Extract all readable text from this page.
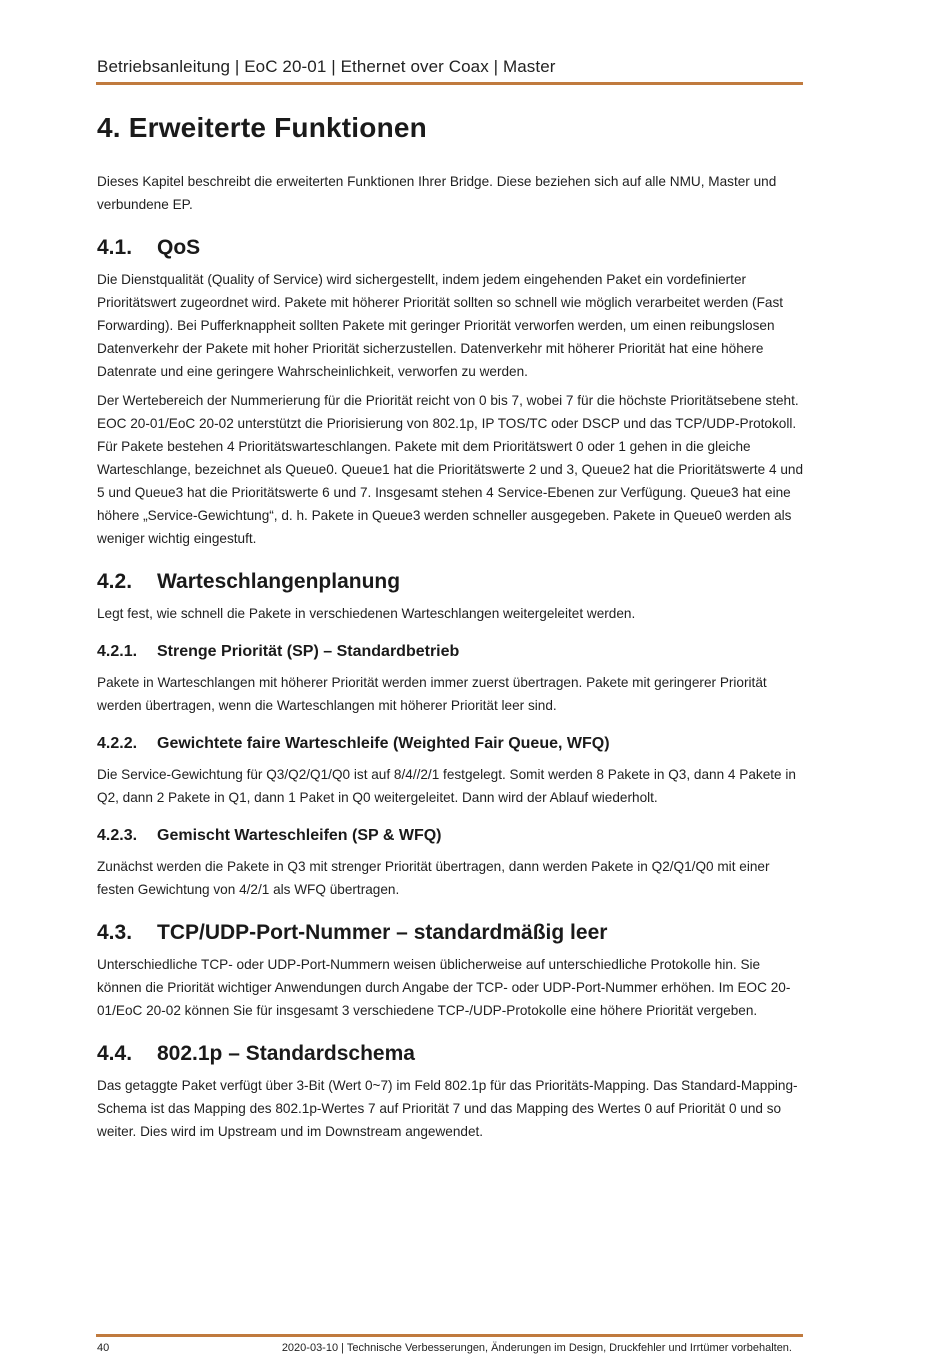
Betriebsanleitung | EoC 20-01 | Ethernet over Coax | Master
4. Erweiterte Funktionen

Dieses Kapitel beschreibt die erweiterten Funktionen Ihrer Bridge. Diese beziehen sich auf alle NMU, Master und verbundene EP.

4.1.	QoS

Die Dienstqualität (Quality of Service) wird sichergestellt, indem jedem eingehenden Paket ein vordefinierter Prioritätswert zugeordnet wird. Pakete mit höherer Priorität sollten so schnell wie möglich verarbeitet werden (Fast Forwarding). Bei Pufferknappheit sollten Pakete mit geringer Priorität verworfen werden, um einen reibungslosen Datenverkehr der Pakete mit hoher Priorität sicherzustellen. Datenverkehr mit höherer Priorität hat eine höhere Datenrate und eine geringere Wahrscheinlichkeit, verworfen zu werden.

Der Wertebereich der Nummerierung für die Priorität reicht von 0 bis 7, wobei 7 für die höchste Prioritätsebene steht. EOC 20-01/EoC 20-02 unterstützt die Priorisierung von 802.1p, IP TOS/TC oder DSCP und das TCP/UDP-Protokoll. Für Pakete bestehen 4 Prioritätswarteschlangen. Pakete mit dem Prioritätswert 0 oder 1 gehen in die gleiche Warteschlange, bezeichnet als Queue0. Queue1 hat die Prioritätswerte 2 und 3, Queue2 hat die Prioritätswerte 4 und 5 und Queue3 hat die Prioritätswerte 6 und 7. Insgesamt stehen 4 Service-Ebenen zur Verfügung. Queue3 hat eine höhere „Service-Gewichtung“, d. h. Pakete in Queue3 werden schneller ausgegeben. Pakete in Queue0 werden als weniger wichtig eingestuft.

4.2.	Warteschlangenplanung

Legt fest, wie schnell die Pakete in verschiedenen Warteschlangen weitergeleitet werden.

4.2.1.	Strenge Priorität (SP) – Standardbetrieb

Pakete in Warteschlangen mit höherer Priorität werden immer zuerst übertragen. Pakete mit geringerer Priorität werden übertragen, wenn die Warteschlangen mit höherer Priorität leer sind.

4.2.2.	Gewichtete faire Warteschleife (Weighted Fair Queue, WFQ)

Die Service-Gewichtung für Q3/Q2/Q1/Q0 ist auf 8/4//2/1 festgelegt. Somit werden 8 Pakete in Q3, dann 4 Pakete in Q2, dann 2 Pakete in Q1, dann 1 Paket in Q0 weitergeleitet. Dann wird der Ablauf wiederholt.

4.2.3.	Gemischt Warteschleifen (SP & WFQ)

Zunächst werden die Pakete in Q3 mit strenger Priorität übertragen, dann werden Pakete in Q2/Q1/Q0 mit einer festen Gewichtung von 4/2/1 als WFQ übertragen.

4.3.	TCP/UDP-Port-Nummer – standardmäßig leer

Unterschiedliche TCP- oder UDP-Port-Nummern weisen üblicherweise auf unterschiedliche Protokolle hin. Sie können die Priorität wichtiger Anwendungen durch Angabe der TCP- oder UDP-Port-Nummer erhöhen. Im EOC 20-01/EoC 20-02 können Sie für insgesamt 3 verschiedene TCP-/UDP-Protokolle eine höhere Priorität vergeben.

4.4.	802.1p – Standardschema

Das getaggte Paket verfügt über 3-Bit (Wert 0~7) im Feld 802.1p für das Prioritäts-Mapping. Das Standard-Mapping-Schema ist das Mapping des 802.1p-Wertes 7 auf Priorität 7 und das Mapping des Wertes 0 auf Priorität 0 und so weiter. Dies wird im Upstream und im Downstream angewendet.

40	2020-03-10 | Technische Verbesserungen, Änderungen im Design, Druckfehler und Irrtümer vorbehalten.
